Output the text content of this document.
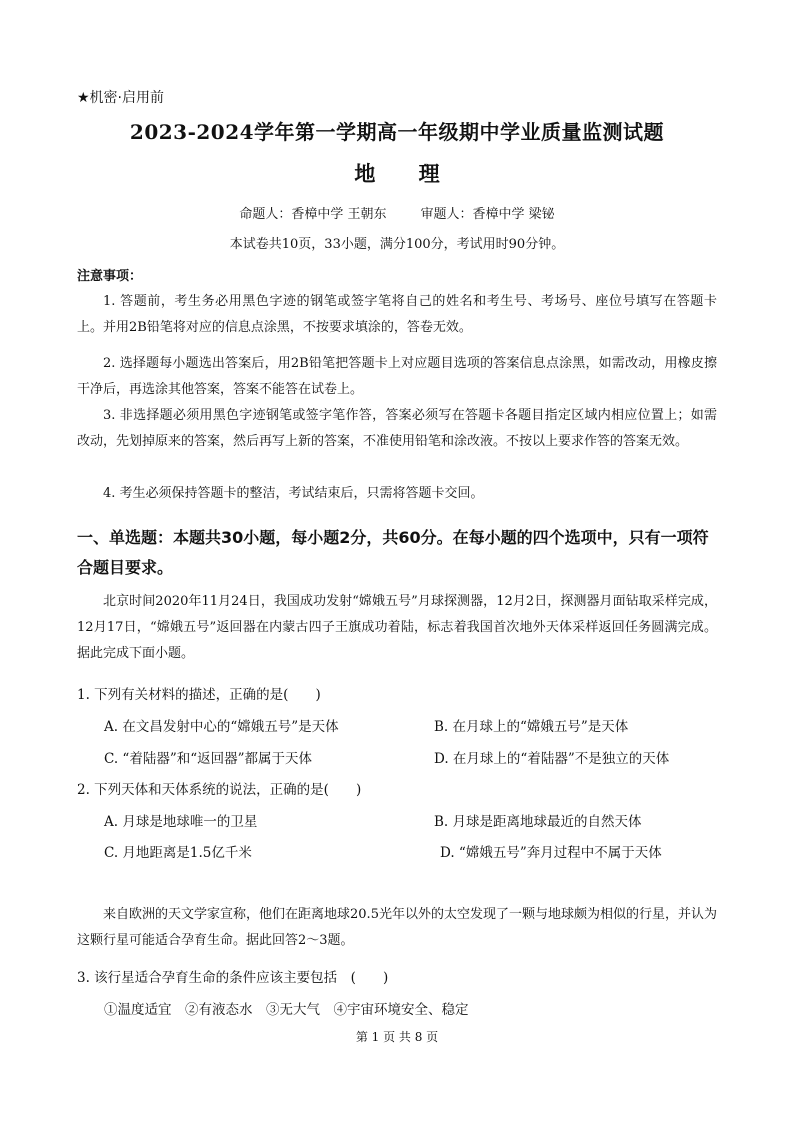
★机密·启用前
2023-2024学年第一学期高一年级期中学业质量监测试题
地 理
命题人：香樟中学 王朝东	审题人：香樟中学 梁铋
本试卷共10页，33小题，满分100分，考试用时90分钟。
注意事项：
1. 答题前，考生务必用黑色字迹的钢笔或签字笔将自己的姓名和考生号、考场号、座位号填写在答题卡上。并用2B铅笔将对应的信息点涂黑，不按要求填涂的，答卷无效。
2. 选择题每小题选出答案后，用2B铅笔把答题卡上对应题目选项的答案信息点涂黑，如需改动，用橡皮擦干净后，再选涂其他答案，答案不能答在试卷上。
3. 非选择题必须用黑色字迹钢笔或签字笔作答，答案必须写在答题卡各题目指定区域内相应位置上；如需改动，先划掉原来的答案，然后再写上新的答案，不准使用铅笔和涂改液。不按以上要求作答的答案无效。
4. 考生必须保持答题卡的整洁，考试结束后，只需将答题卡交回。
一、单选题：本题共30小题，每小题2分，共60分。在每小题的四个选项中，只有一项符合题目要求。
北京时间2020年11月24日，我国成功发射“嫦娥五号”月球探测器，12月2日，探测器月面钻取采样完成，12月17日，“嫦娥五号”返回器在内蒙古四子王旗成功着陆，标志着我国首次地外天体采样返回任务圆满完成。据此完成下面小题。
1. 下列有关材料的描述，正确的是(　　)
A. 在文昌发射中心的“嫦娥五号”是天体	B. 在月球上的“嫦娥五号”是天体
C. “着陆器”和“返回器”都属于天体	D. 在月球上的“着陆器”不是独立的天体
2. 下列天体和天体系统的说法，正确的是(　　)
A. 月球是地球唯一的卫星	B. 月球是距离地球最近的自然天体
C. 月地距离是1.5亿千米	D. “嫦娥五号”奔月过程中不属于天体
来自欧洲的天文学家宣称，他们在距离地球20.5光年以外的太空发现了一颗与地球颇为相似的行星，并认为这颗行星可能适合孕育生命。据此回答2～3题。
3. 该行星适合孕育生命的条件应该主要包括　(　　)
①温度适宜　②有液态水　③无大气　④宇宙环境安全、稳定
第 1 页 共 8 页
